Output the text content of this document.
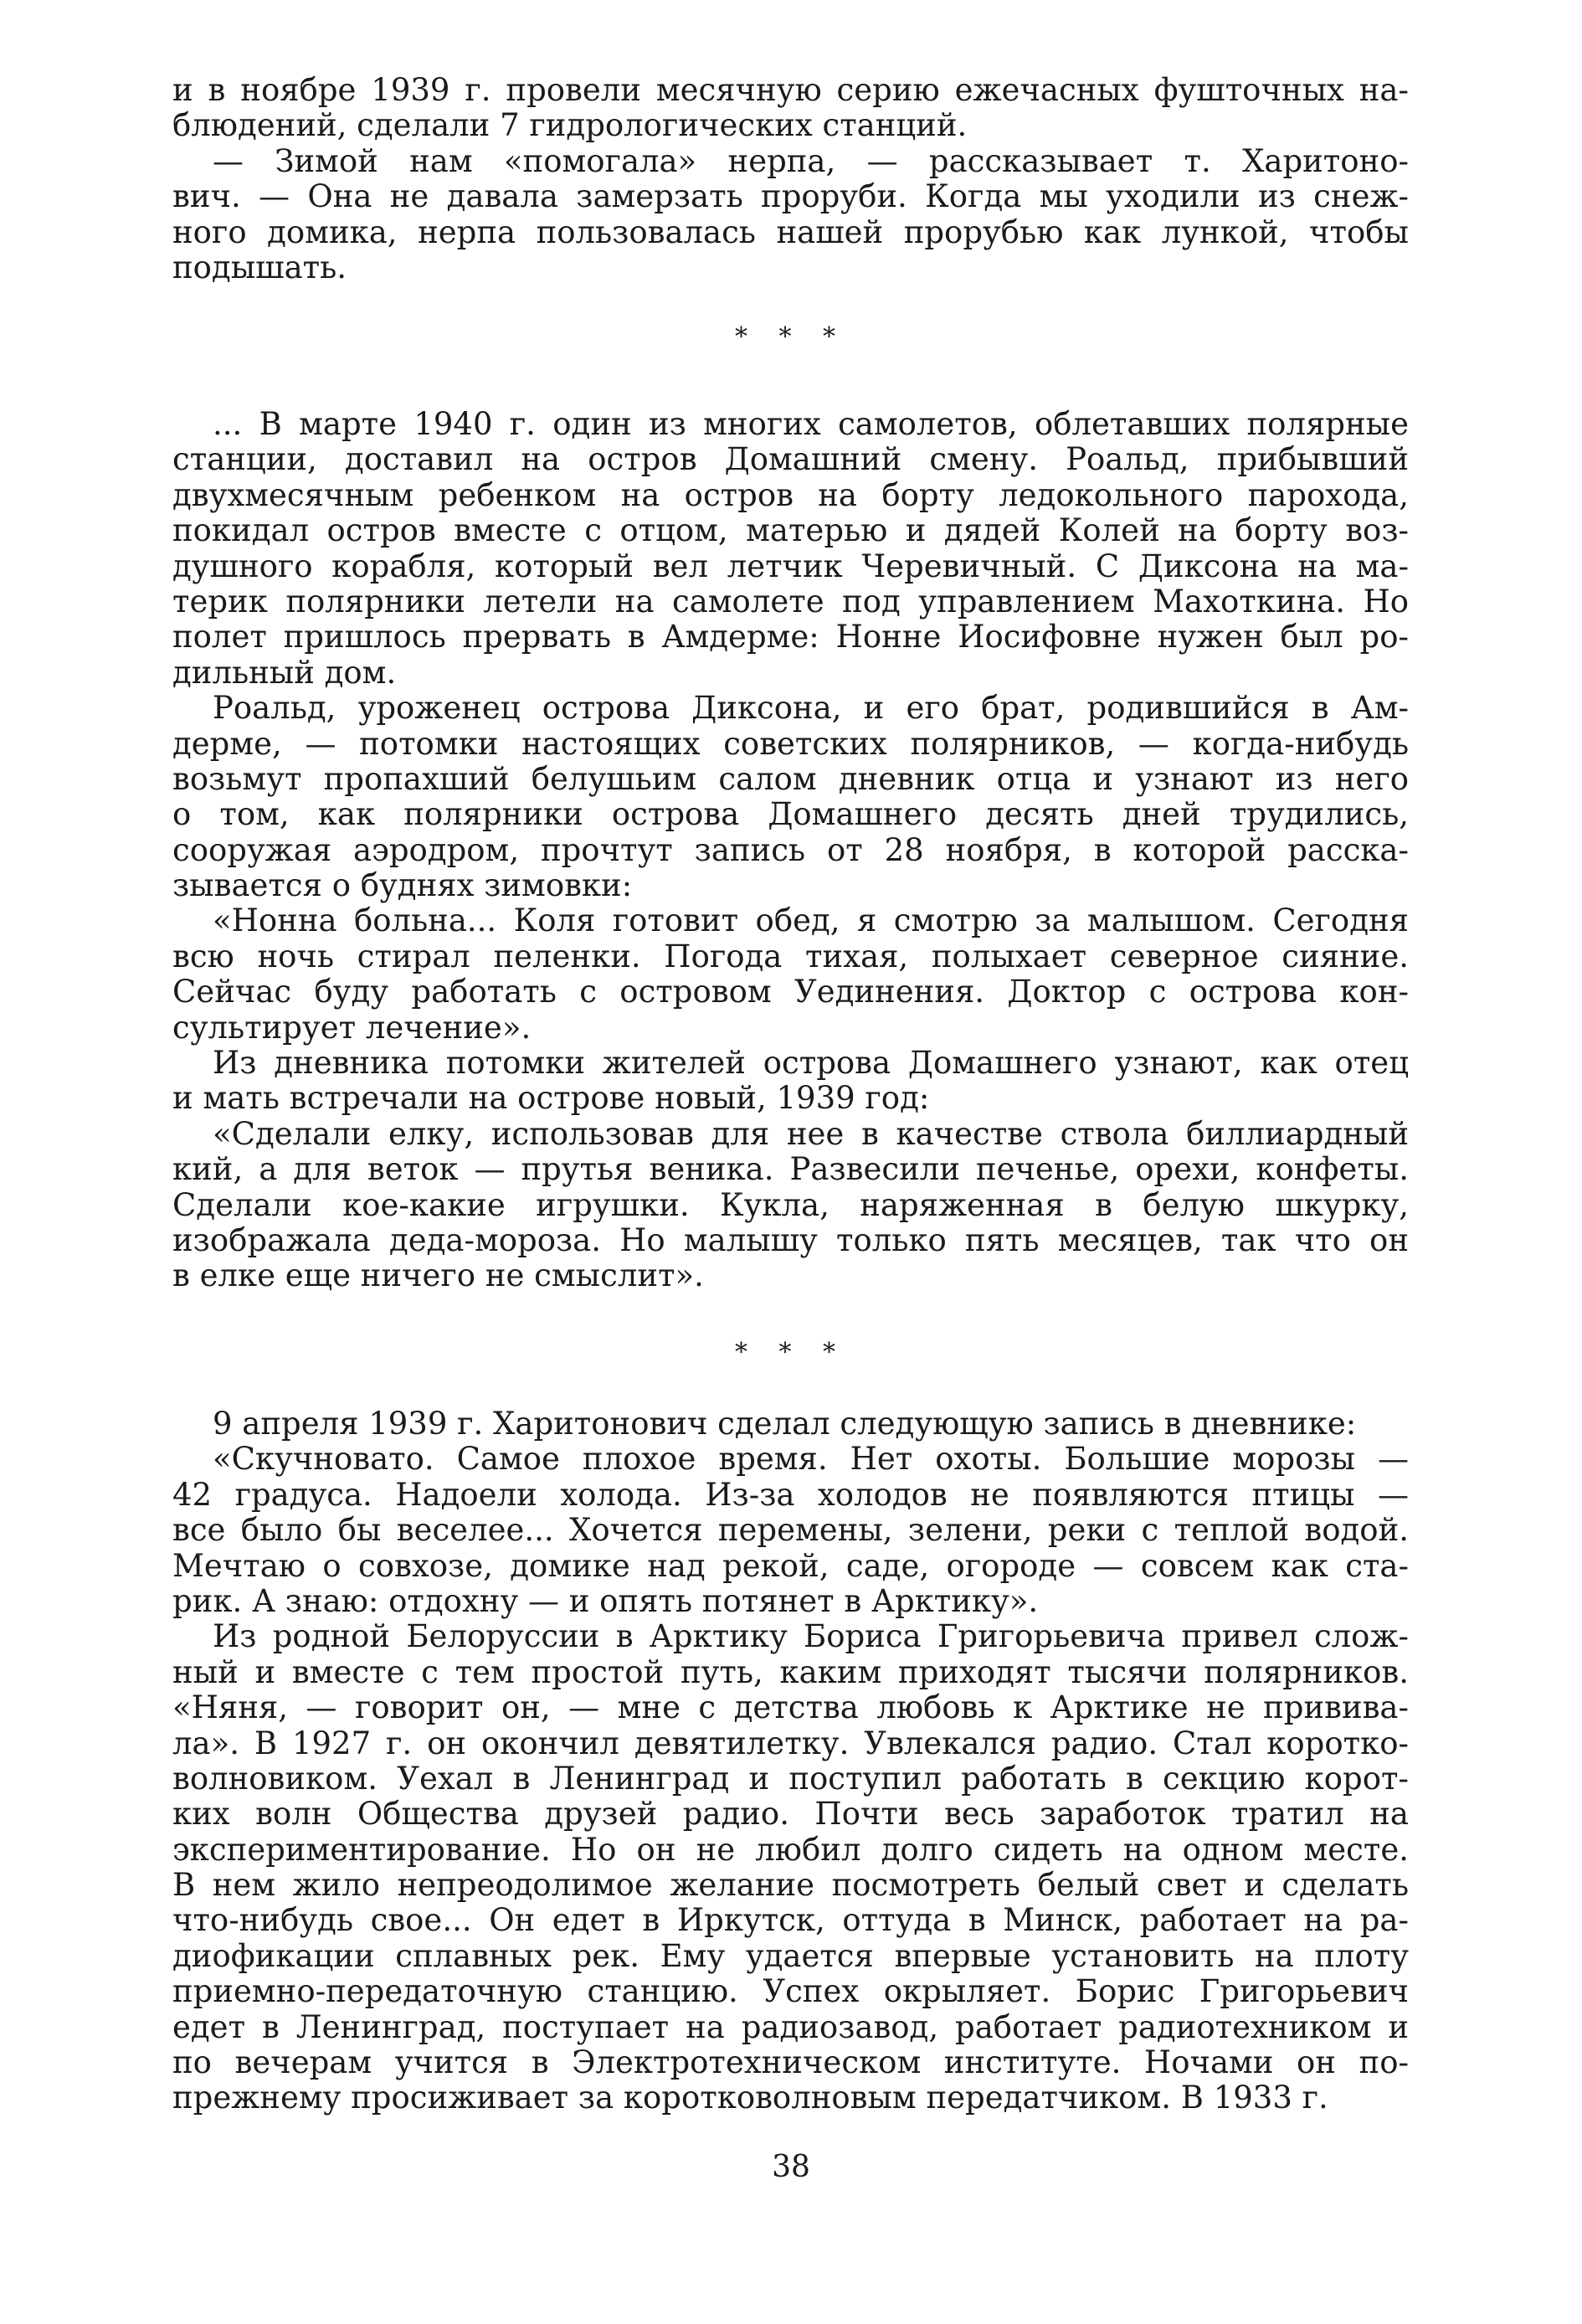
и в ноябре 1939 г. провели месячную серию ежечасных фушточных на-
блюдений, сделали 7 гидрологических станций.
— Зимой нам «помогала» нерпа, — рассказывает т. Харитоно-
вич. — Она не давала замерзать проруби. Когда мы уходили из снеж-
ного домика, нерпа пользовалась нашей прорубью как лункой, чтобы
подышать.
* * *
... В марте 1940 г. один из многих самолетов, облетавших полярные
станции, доставил на остров Домашний смену. Роальд, прибывший
двухмесячным ребенком на остров на борту ледокольного парохода,
покидал остров вместе с отцом, матерью и дядей Колей на борту воз-
душного корабля, который вел летчик Черевичный. С Диксона на ма-
терик полярники летели на самолете под управлением Махоткина. Но
полет пришлось прервать в Амдерме: Нонне Иосифовне нужен был ро-
дильный дом.
Роальд, уроженец острова Диксона, и его брат, родившийся в Ам-
дерме, — потомки настоящих советских полярников, — когда-нибудь
возьмут пропахший белушьим салом дневник отца и узнают из него
о том, как полярники острова Домашнего десять дней трудились,
сооружая аэродром, прочтут запись от 28 ноября, в которой расска-
зывается о буднях зимовки:
«Нонна больна... Коля готовит обед, я смотрю за малышом. Сегодня
всю ночь стирал пеленки. Погода тихая, полыхает северное сияние.
Сейчас буду работать с островом Уединения. Доктор с острова кон-
сультирует лечение».
Из дневника потомки жителей острова Домашнего узнают, как отец
и мать встречали на острове новый, 1939 год:
«Сделали елку, использовав для нее в качестве ствола биллиардный
кий, а для веток — прутья веника. Развесили печенье, орехи, конфеты.
Сделали кое-какие игрушки. Кукла, наряженная в белую шкурку,
изображала деда-мороза. Но малышу только пять месяцев, так что он
в елке еще ничего не смыслит».
* * *
9 апреля 1939 г. Харитонович сделал следующую запись в дневнике:
«Скучновато. Самое плохое время. Нет охоты. Большие морозы —
42 градуса. Надоели холода. Из-за холодов не появляются птицы —
все было бы веселее... Хочется перемены, зелени, реки с теплой водой.
Мечтаю о совхозе, домике над рекой, саде, огороде — совсем как ста-
рик. А знаю: отдохну — и опять потянет в Арктику».
Из родной Белоруссии в Арктику Бориса Григорьевича привел слож-
ный и вместе с тем простой путь, каким приходят тысячи полярников.
«Няня, — говорит он, — мне с детства любовь к Арктике не привива-
ла». В 1927 г. он окончил девятилетку. Увлекался радио. Стал коротко-
волновиком. Уехал в Ленинград и поступил работать в секцию корот-
ких волн Общества друзей радио. Почти весь заработок тратил на
экспериментирование. Но он не любил долго сидеть на одном месте.
В нем жило непреодолимое желание посмотреть белый свет и сделать
что-нибудь свое... Он едет в Иркутск, оттуда в Минск, работает на ра-
диофикации сплавных рек. Ему удается впервые установить на плоту
приемно-передаточную станцию. Успех окрыляет. Борис Григорьевич
едет в Ленинград, поступает на радиозавод, работает радиотехником и
по вечерам учится в Электротехническом институте. Ночами он по-
прежнему просиживает за коротковолновым передатчиком. В 1933 г.
38
